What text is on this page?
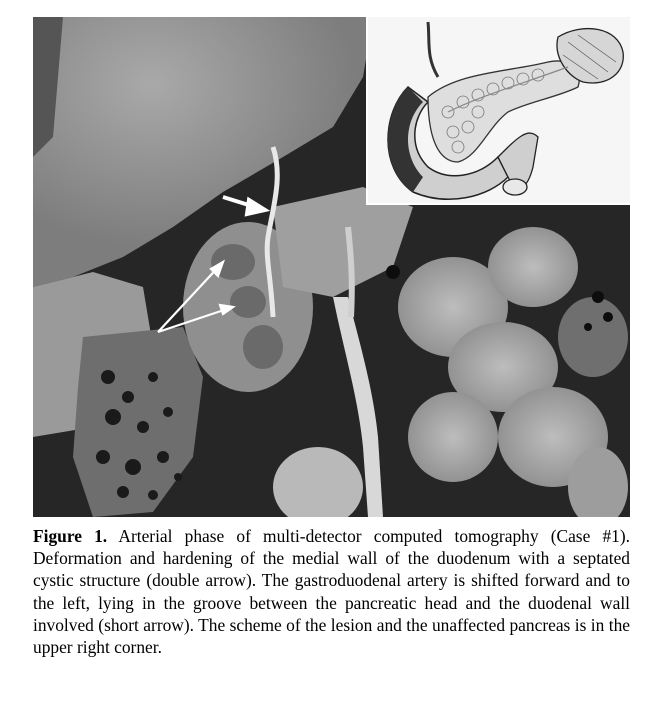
Figure 1. Arterial phase of multi-detector computed tomography (Case #1). Deformation and hardening of the medial wall of the duodenum with a septated cystic structure (double arrow). The gastroduodenal artery is shifted forward and to the left, lying in the groove between the pancreatic head and the duodenal wall involved (short arrow). The scheme of the lesion and the unaffected pancreas is in the upper right corner.
